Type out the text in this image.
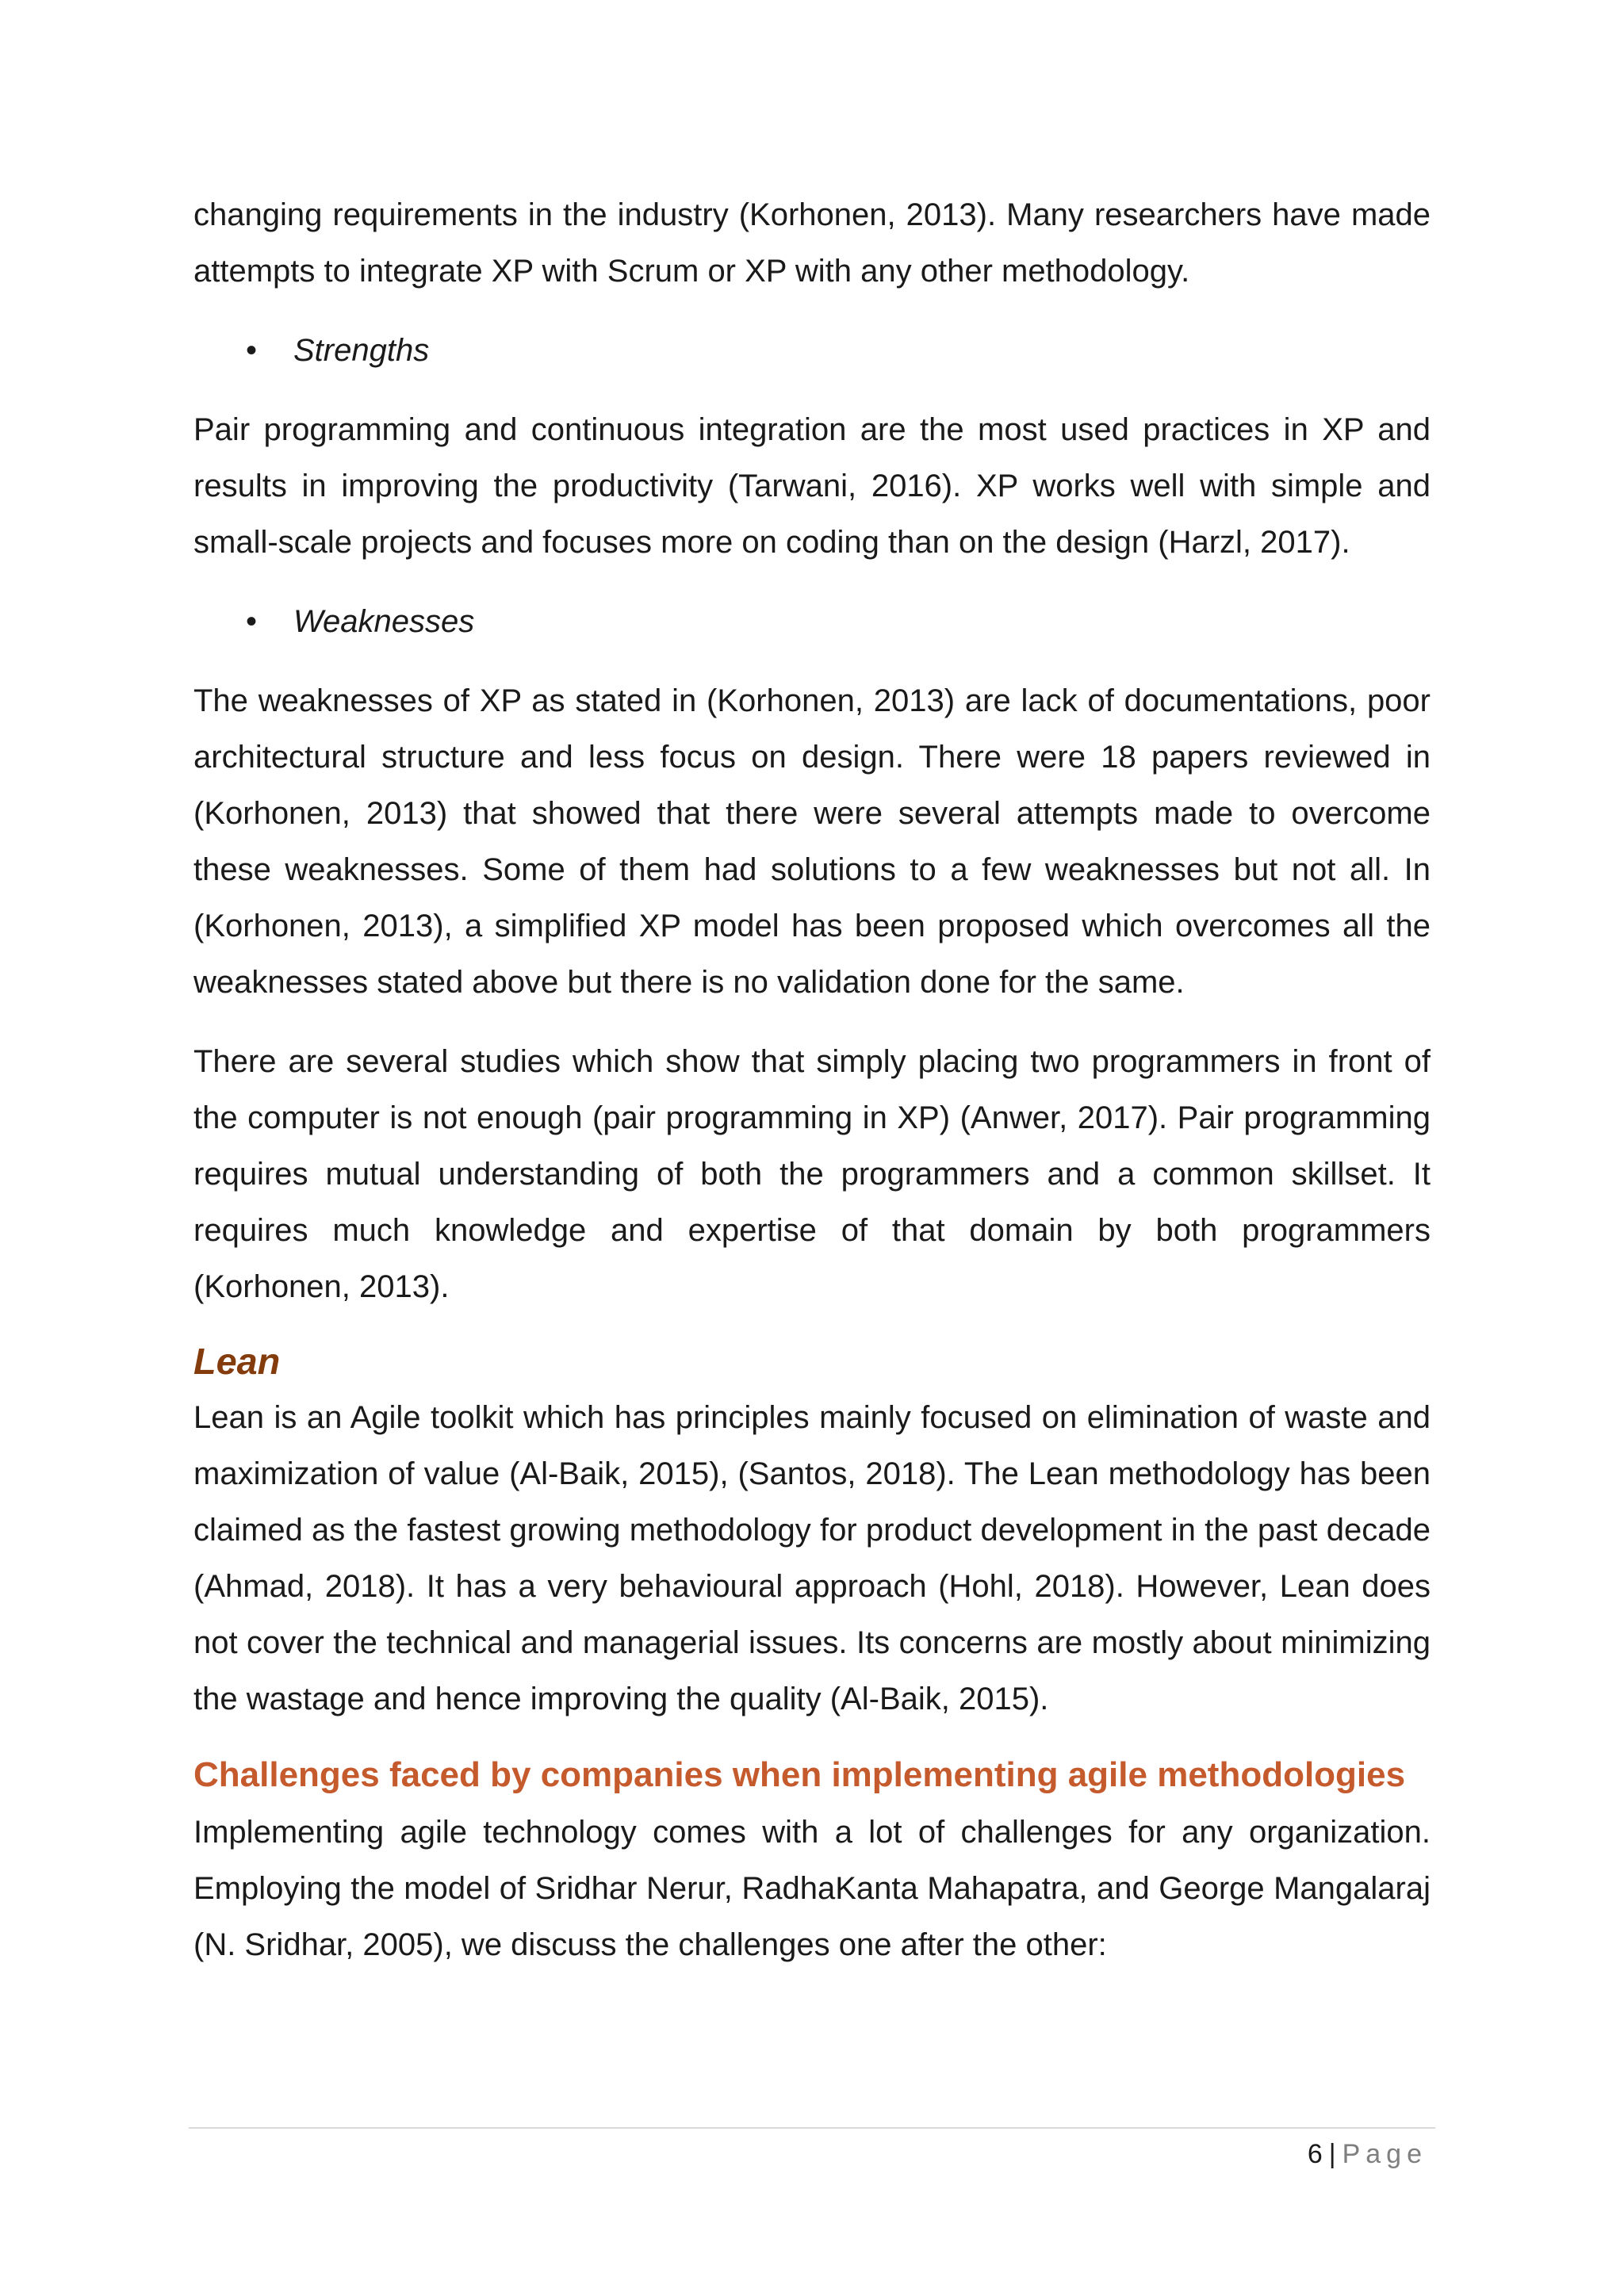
changing requirements in the industry (Korhonen, 2013). Many researchers have made attempts to integrate XP with Scrum or XP with any other methodology.

• Strengths

Pair programming and continuous integration are the most used practices in XP and results in improving the productivity (Tarwani, 2016). XP works well with simple and small-scale projects and focuses more on coding than on the design (Harzl, 2017).

• Weaknesses

The weaknesses of XP as stated in (Korhonen, 2013) are lack of documentations, poor architectural structure and less focus on design. There were 18 papers reviewed in (Korhonen, 2013) that showed that there were several attempts made to overcome these weaknesses. Some of them had solutions to a few weaknesses but not all. In (Korhonen, 2013), a simplified XP model has been proposed which overcomes all the weaknesses stated above but there is no validation done for the same.

There are several studies which show that simply placing two programmers in front of the computer is not enough (pair programming in XP) (Anwer, 2017). Pair programming requires mutual understanding of both the programmers and a common skillset. It requires much knowledge and expertise of that domain by both programmers (Korhonen, 2013).

Lean

Lean is an Agile toolkit which has principles mainly focused on elimination of waste and maximization of value (Al-Baik, 2015), (Santos, 2018). The Lean methodology has been claimed as the fastest growing methodology for product development in the past decade (Ahmad, 2018). It has a very behavioural approach (Hohl, 2018). However, Lean does not cover the technical and managerial issues. Its concerns are mostly about minimizing the wastage and hence improving the quality (Al-Baik, 2015).

Challenges faced by companies when implementing agile methodologies

Implementing agile technology comes with a lot of challenges for any organization. Employing the model of Sridhar Nerur, RadhaKanta Mahapatra, and George Mangalaraj (N. Sridhar, 2005), we discuss the challenges one after the other:

6 | Page
